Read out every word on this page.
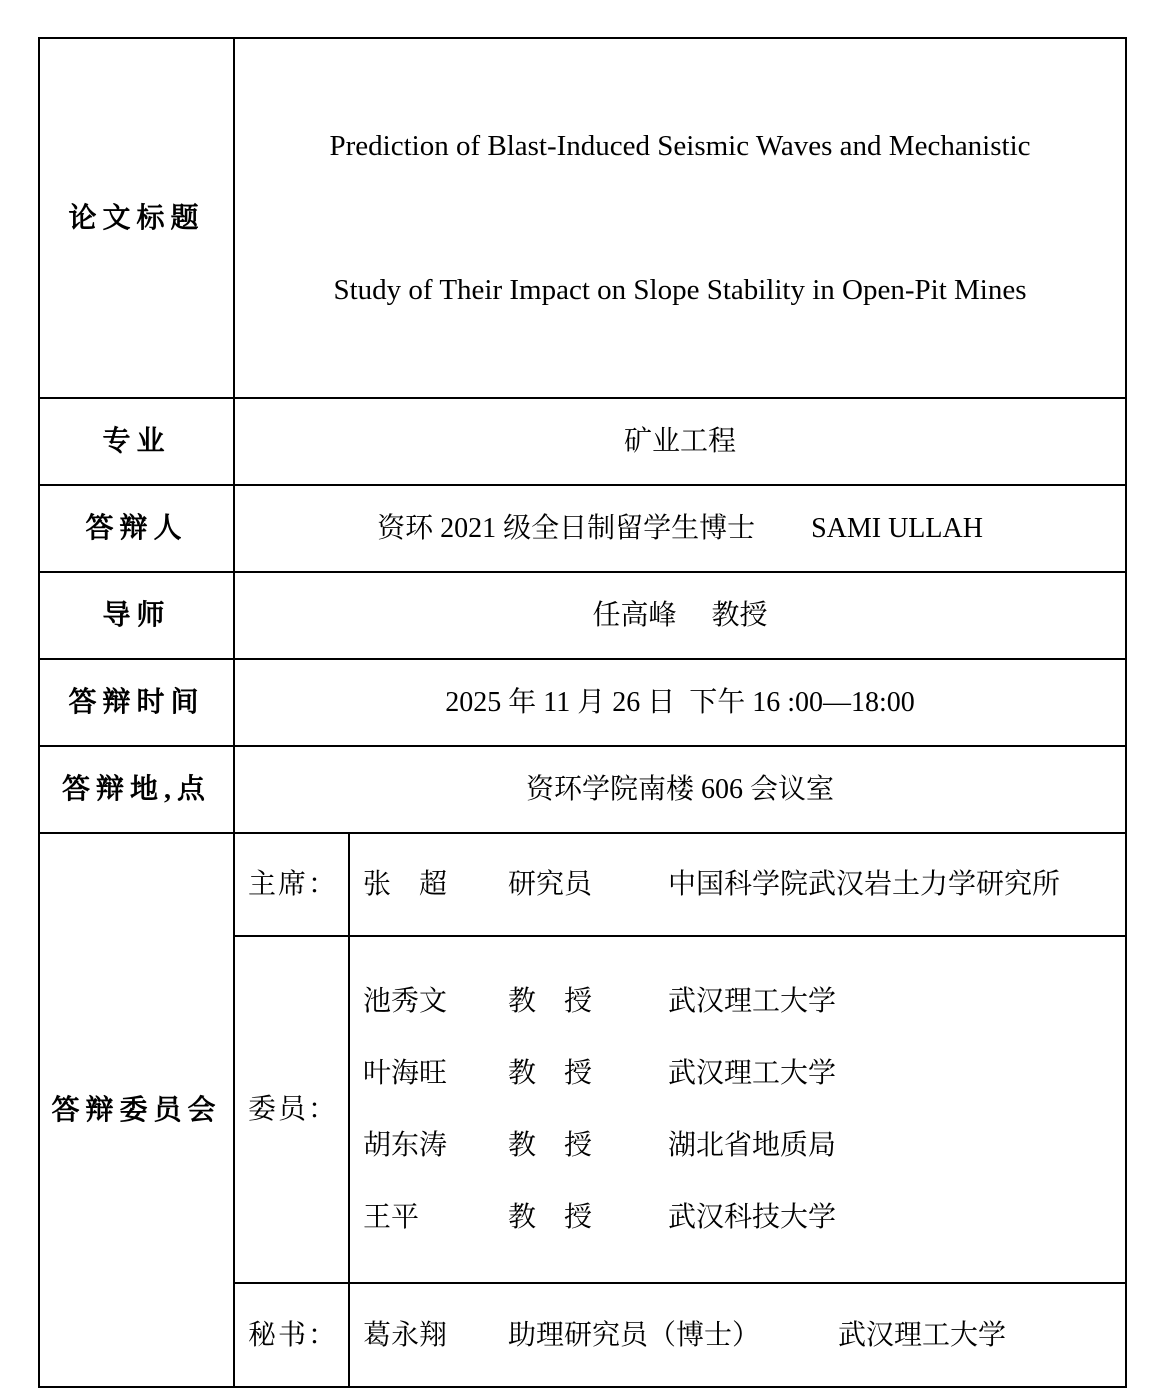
论文标题	Prediction of Blast-Induced Seismic Waves and Mechanistic

Study of Their Impact on Slope Stability in Open-Pit Mines	

专业	矿业工程	
答辩人	资环 2021 级全日制留学生博士　　SAMI ULLAH	
导师	任高峰　 教授	
答辩时间	2025 年 11 月 26 日  下午 16 :00—18:00	
答辩地,点	资环学院南楼 606 会议室	
答辩委员会	主席：	张　超 研究员 中国科学院武汉岩土力学研究所

委员：	
池秀文	教　授	武汉理工大学
叶海旺	教　授	武汉理工大学
胡东涛	教　授	湖北省地质局
王平	教　授	武汉科技大学

	秘书：	葛永翔 助理研究员（博士） 武汉理工大学
